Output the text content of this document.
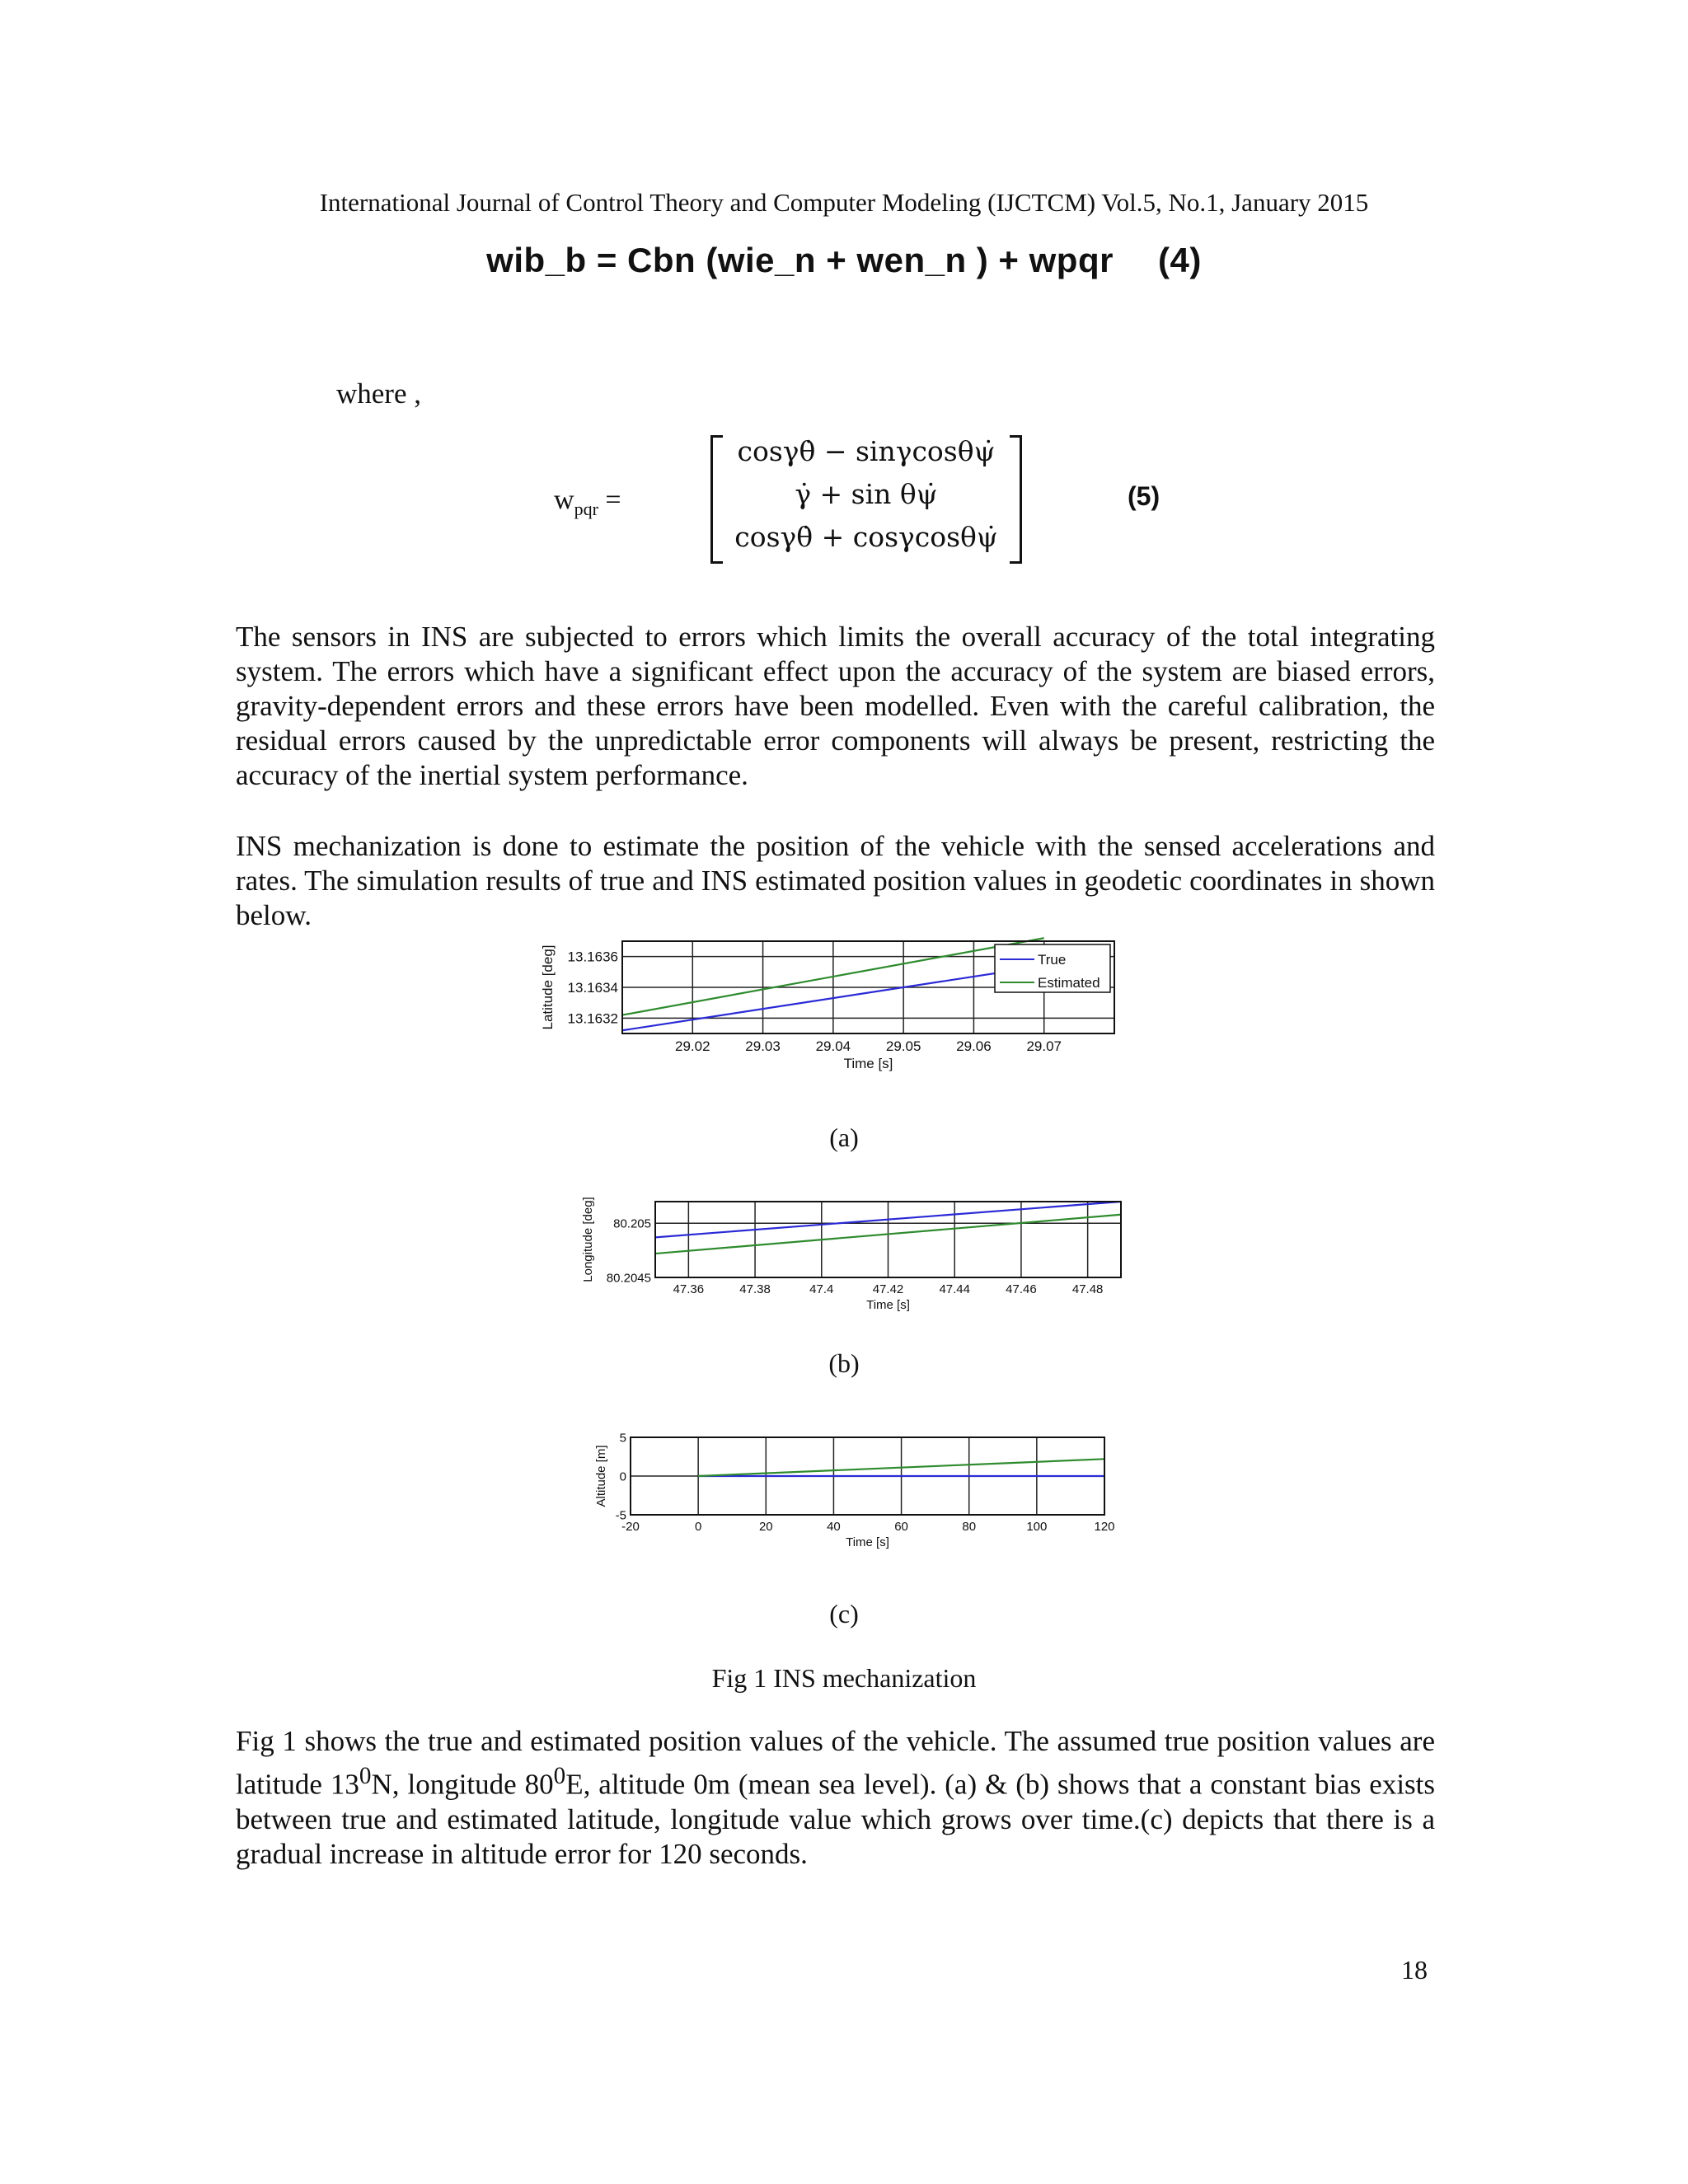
International Journal of Control Theory and Computer Modeling (IJCTCM) Vol.5, No.1, January 2015
wib_b = Cbn (wie_n + wen_n ) + wpqr (4)
where ,
$w_{pqr}$ =
cosγθ̇ − sinγcosθψ̇
γ̇ + sin θψ̇
cosγθ̇ + cosγcosθψ̇
(5)

The sensors in INS are subjected to errors which limits the overall accuracy of the total integrating system. The errors which have a significant effect upon the accuracy of the system are biased errors, gravity-dependent errors and these errors have been modelled. Even with the careful calibration, the residual errors caused by the unpredictable error components will always be present, restricting the accuracy of the inertial system performance.

INS mechanization is done to estimate the position of the vehicle with the sensed accelerations and rates. The simulation results of true and INS estimated position values in geodetic coordinates in shown below.

29.02	29.03	29.04	29.05	29.06	29.07
13.1636
13.1634
13.1632
Time [s]
Latitude [deg]	True
Estimated
(a)
47.36	47.38	47.4	47.42	47.44	47.46	47.48
80.205
80.2045
Time [s]
Longitude [deg]
(b)
-20	0	20	40	60	80	100	120
5
0
-5
Time [s]
Altitude [m]
(c)
Fig 1 INS mechanization

Fig 1 shows the true and estimated position values of the vehicle. The assumed true position values are latitude $13^0N$, longitude $80^0E$, altitude 0m (mean sea level). (a) & (b) shows that a constant bias exists between true and estimated latitude, longitude value which grows over time.(c) depicts that there is a gradual increase in altitude error for 120 seconds.

18
